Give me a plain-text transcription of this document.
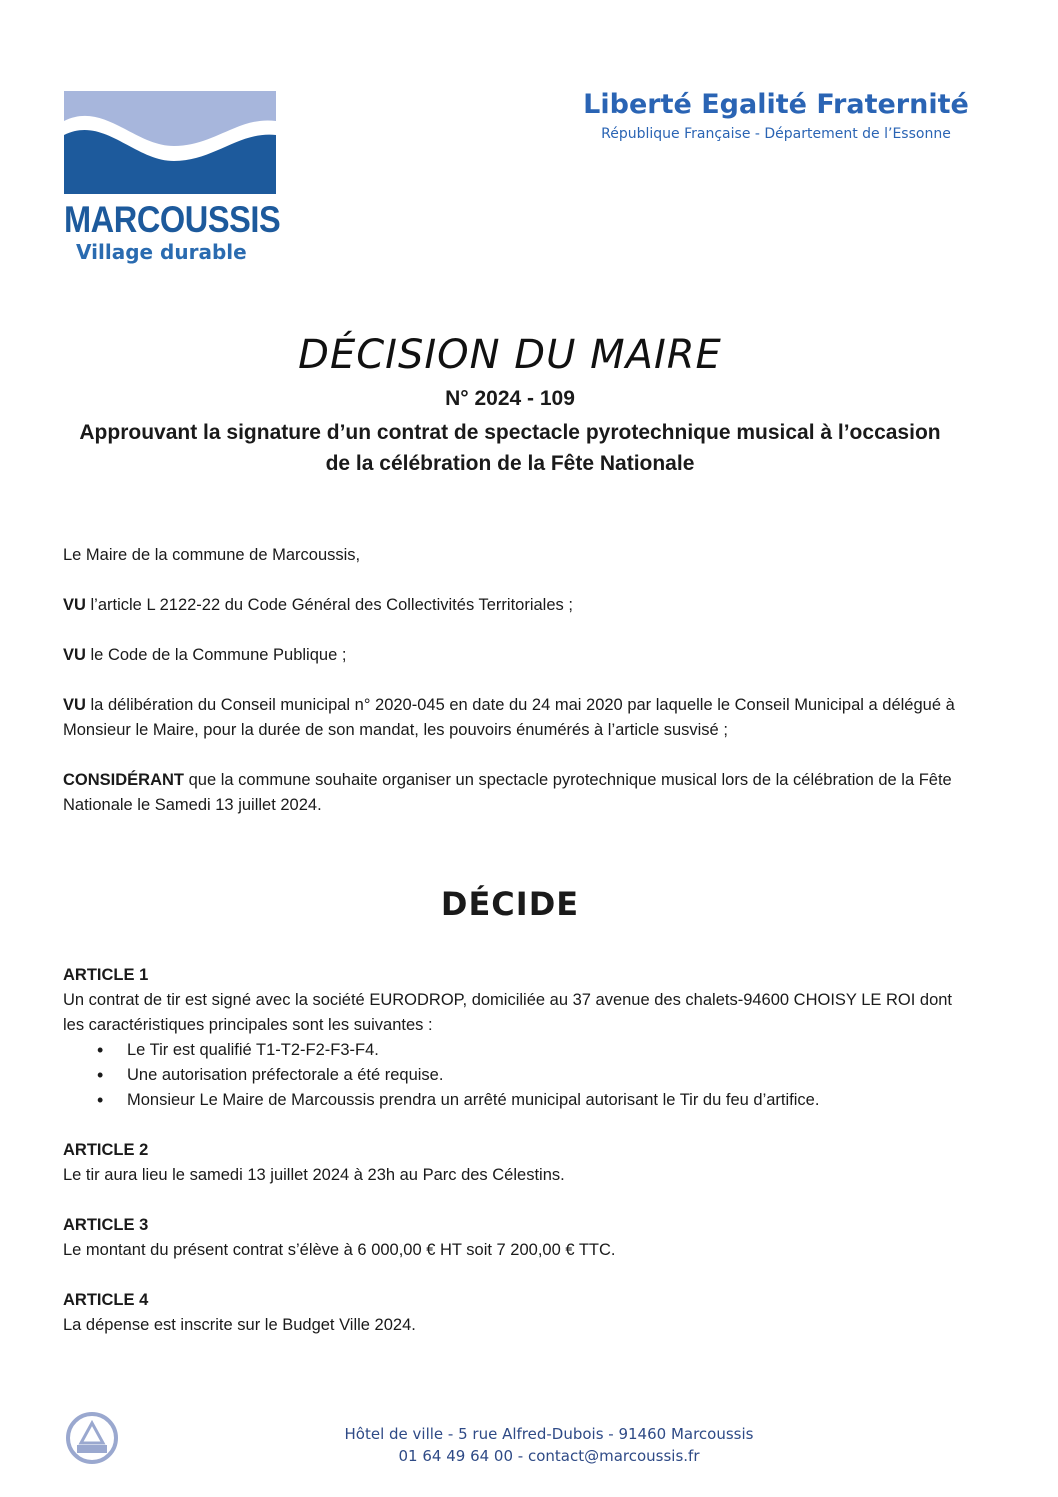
MARCOUSSIS
Village durable
Liberté Egalité Fraternité
République Française - Département de l’Essonne
DÉCISION DU MAIRE
N° 2024 - 109
Approuvant la signature d’un contrat de spectacle pyrotechnique musical à l’occasion
de la célébration de la Fête Nationale

Le Maire de la commune de Marcoussis,

VU l’article L 2122-22 du Code Général des Collectivités Territoriales ;

VU le Code de la Commune Publique ;

VU la délibération du Conseil municipal n° 2020-045 en date du 24 mai 2020 par laquelle le Conseil Municipal a délégué à Monsieur le Maire, pour la durée de son mandat, les pouvoirs énumérés à l’article susvisé ;

CONSIDÉRANT que la commune souhaite organiser un spectacle pyrotechnique musical lors de la célébration de la Fête Nationale le Samedi 13 juillet 2024.

DÉCIDE
ARTICLE 1
Un contrat de tir est signé avec la société EURODROP, domiciliée au 37 avenue des chalets-94600 CHOISY LE ROI dont les caractéristiques principales sont les suivantes :
• Le Tir est qualifié T1-T2-F2-F3-F4.
• Une autorisation préfectorale a été requise.
• Monsieur Le Maire de Marcoussis prendra un arrêté municipal autorisant le Tir du feu d’artifice.
ARTICLE 2
Le tir aura lieu le samedi 13 juillet 2024 à 23h au Parc des Célestins.
ARTICLE 3
Le montant du présent contrat s’élève à 6 000,00 € HT soit 7 200,00 € TTC.
ARTICLE 4
La dépense est inscrite sur le Budget Ville 2024.
Hôtel de ville - 5 rue Alfred-Dubois - 91460 Marcoussis
01 64 49 64 00 - contact@marcoussis.fr
